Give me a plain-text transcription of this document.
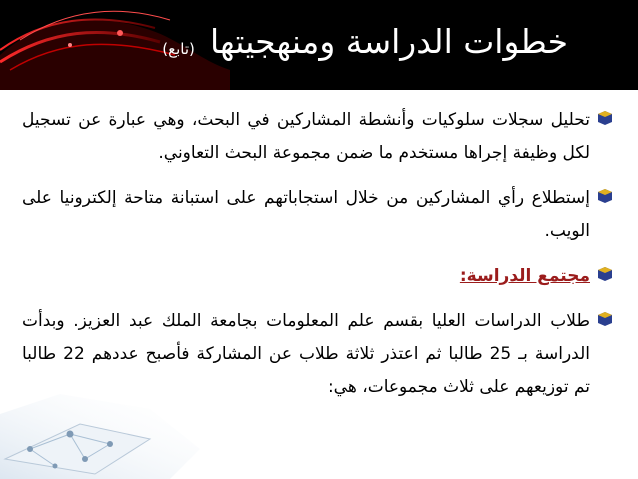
خطوات الدراسة ومنهجيتها (تابع)
تحليل سجلات سلوكيات وأنشطة المشاركين في البحث، وهي عبارة عن تسجيل لكل وظيفة إجراها مستخدم ما ضمن مجموعة البحث التعاوني.
إستطلاع رأي المشاركين من خلال استجاباتهم على استبانة متاحة إلكترونيا على الويب.
مجتمع الدراسة:
طلاب الدراسات العليا بقسم علم المعلومات بجامعة الملك عبد العزيز. وبدأت الدراسة بـ 25 طالبا ثم اعتذر ثلاثة طلاب عن المشاركة فأصبح عددهم 22 طالبا تم توزيعهم على ثلاث مجموعات، هي:
